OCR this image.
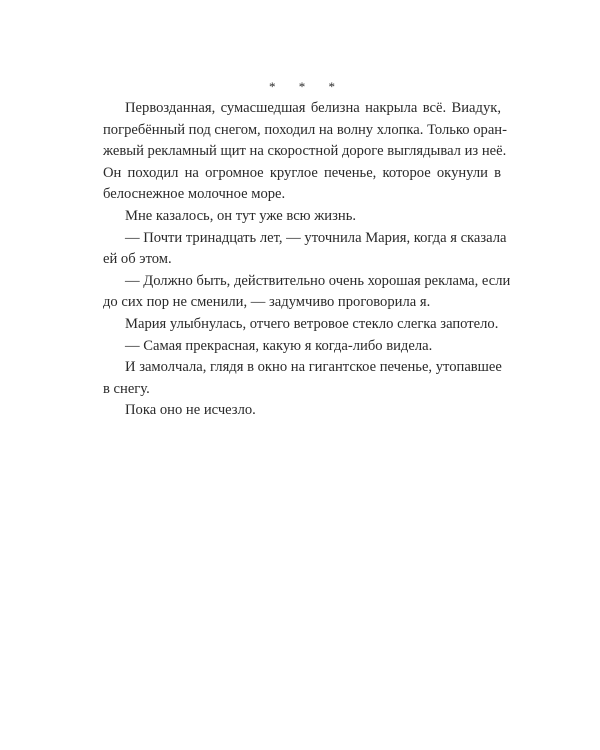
* * *
Первозданная, сумасшедшая белизна накрыла всё. Виадук,
погребённый под снегом, походил на волну хлопка. Только оран-
жевый рекламный щит на скоростной дороге выглядывал из неё.
Он походил на огромное круглое печенье, которое окунули в
белоснежное молочное море.
Мне казалось, он тут уже всю жизнь.
— Почти тринадцать лет, — уточнила Мария, когда я сказала
ей об этом.
— Должно быть, действительно очень хорошая реклама, если
до сих пор не сменили, — задумчиво проговорила я.
Мария улыбнулась, отчего ветровое стекло слегка запотело.
— Самая прекрасная, какую я когда-либо видела.
И замолчала, глядя в окно на гигантское печенье, утопавшее
в снегу.
Пока оно не исчезло.
